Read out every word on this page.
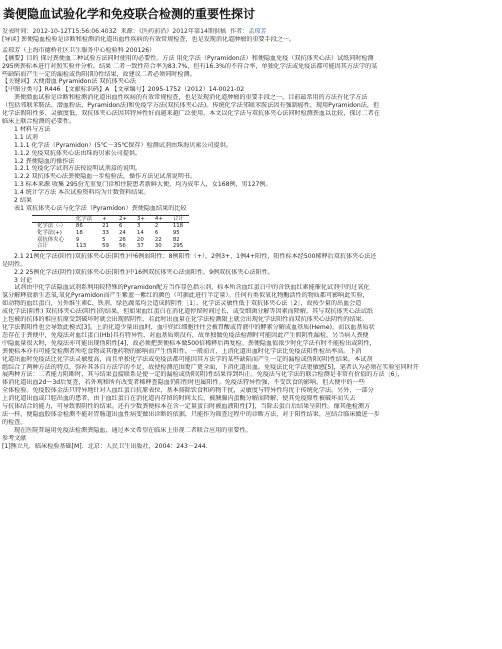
粪便隐血试验化学和免疫联合检测的重要性探讨
发表时间：2012-10-12T15:56:06.403Z 来源：《医药前沿》2012年第14期供稿 作者：孟琼芳
[导读] 粪便隐血检验是诊断和检测消化道出血性疾病的有效常规检查，也是发现消化道肿瘤的重要手段之一。
孟琼芳（上海市德桥社区卫生服务中心检验科 200126）
【摘要】目的 探讨粪便血二种试验方法同时使用的必要性。方法 用化学法（Pyramidon法）和便隐血免疫（双抗体夹心法）试纸同时检测
295例粪标本进行对照实验并分析。结果 二者一致性符合率为83.7%，但有16.3%的不符合率，单独化学法或免疫法都可能因其方法学的某
些缺陷而产生一定的漏检或伪阳(阳)性结果，故建议二者必须同时检测。
【关键词】大便潜血 Pyramidon法 双抗体夹心法
【中图分类号】R446 【文献标识码】A 【文章编号】2095-1752（2012）14-0021-02
粪便潜血试验是诊断和检测消化道出血性疾病的有效常规检查，也是发现消化道肿瘤的重要手段之一。目前最常用的方法有化学方法
（包括邻联苯胺法、潜血粉法、Pyramidon法)和免疫学方法(双抗体夹心法)。传统化学法邻联苯胺法因有强制癌性，现用Pyramidon法，但
化学法假阳性多、灵敏度低，双抗体夹心法因其特异性好而越来越广泛使用，本文以化学法与双抗体夹心法同时检测粪血以比较，探讨二者在
临床上联合检测的必要性。
1 材料与方法
1.1 试剂
1.1.1 化学法（Pyramidon）(5℃－35℃保存）检测试剂由珠海贝索公司提供。
1.1.2 免疫双抗体夹心法由珠海贝索公司提供。
1.2 粪便隐血的操作法
1.2.1 免疫化学试剂方法按说明试剂盒的说明。
1.2.2 双抗体夹心法粪便隐血一步检验法，操作方法见试剂说明书。
1.3 标本来源 收集 295份无重复门诊和住院患者新鲜大便，均为成年人，女168例，男127例。
1.4 统计学方法 本次试验资料均为计数资料结果。
2 结果
表1 双抗体夹心法与化学法（Pyramidon）粪便隐血结果的比较
	化学法	+	2+	3+	4+	合计
化学法（-）	86	21	6	3	2	118
化学法(+)	18	33	24	14	6	95
双抗体夹心	9	5	26	20	22	82
合计	113	59	56	37	30	295
2.1 21例化学法(阳性)双抗体夹心法(阴性)中6例弱阳性；8例阳性（+），2例3+，1例4+阳性，阳性标本经500稀释后双抗体夹心法还
是阴性。
2.2 25例化学法(阴性)双抗体夹心法(阳性)中16例双抗体夹心法弱阳性，9例双抗体夹心法阳性。
3 讨论
试剂由中化学法隐血试剂系利用较特殊的Pyramidon配方当作显色指示剂，标本所含血红蛋白中的含铁血红素能催化试剂中的过氧化
氢分解释放新生态氧,氧化Pyramidon而产生紫蓝一紫红的颜色（可据此进行半定量）。任何有类似氧化物酶活性的物质都可影响此实验，
如动物的血红蛋白，另外维生素C、铁剂、绿色蔬菜均会造成假阴性［1］。化学法灵敏性低于双抗体夹心法［2］，故按少量的出血会造
成化学法(阴性) 双抗体夹心法(阳性)的结果。但如果血红蛋白在消化道停留时间过长，或受细菌分解等因素而降解，其与双抗体夹心法试纸
上包被的抗体的相应抗原受到破坏时就会出现假阴性，若此时出血量在化学法检测限上就会出现化学法阳性而双抗体夹心法阴性的结果。
化学法假阳性也会导致此模式[3]。上消化道少量出血时，血中的红细胞往往会被胃酸或胃液中的酵素分解成血基质(Heme)，而以血基质状
态存在于粪便中，免疫法对血红蛋白(Hb)具有特异性，对血基质则没有，故单独做免疫法检测时可能因此产生假阴性漏检，另当病人粪便
中隐血量很大时，免疫法亦可能出现伪阴性[4]，故必须把粪便标本做500倍稀释后再复检。粪便隐血值浓少时化学法有时不能检出或阴性，
粪便标本亦有可能受检测者所吃食物或其他药物的影响而产生伪阳性。一般而言，上消化道出血时化学法比免疫法阳性检出率高。下消
化道出血时免疫法比化学法灵敏度高，而且单独化学法或免疫法都可能因其方法学的某些缺陷而产生一定的漏检或伪阳(阴)性结果。本试剂
组综合了两种方法的特点，弥补其各自方法学的不足，故使检测范围更广更全面，下消化道出血。免疫法比化学法更敏感[5]，笔者认为必须在实验室同时开
展两种方法：二者能力阻断时，其与结果直接联系是使一定的漏检或伪阳(阴)性结果得到纠正。免疫法与化学法的联合检测是非常有价值的方法［6］，
体消化道出血2d～3d后复查，若外观和所有改变者稀释查隐血仍阳性时也属阳性。免疫法特异性强，不受饮食的影响，但大便中的一些
全体检验。免疫胶体金法只特异地针对人血红蛋白抗原表位，基本排除饮食和药物干扰，灵敏度与特异性均优于传统化学法。另外，一部分
上消化道出血或口腔出血的患者，由于血红蛋白在消化道内存留的时间太长，被胰腺内蛋酶分解而降解，使其免疫原性被破坏而失去
与抗体结合的能力，可导致假阴性的结果。还有少数粪便标本在含一定量蛋白时被血液阳性[7]，当除去蛋白后结果呈阴性。像其他检测方
法一样，便隐血胶体金检测不能对胃肠道出血性病变做出诊断的依据，只能作为筛查过程中的诊断方法，对于阳性结果，应结合临床做进一步
的检查。
现在医院普遍用免疫法检测粪隐血，通过本文希望在临床上重视二者联合应用的重要性。
参考文献
[1]熊立凡．临床检验基础[M]．北京：人民卫生出版社，2004：243－244．
